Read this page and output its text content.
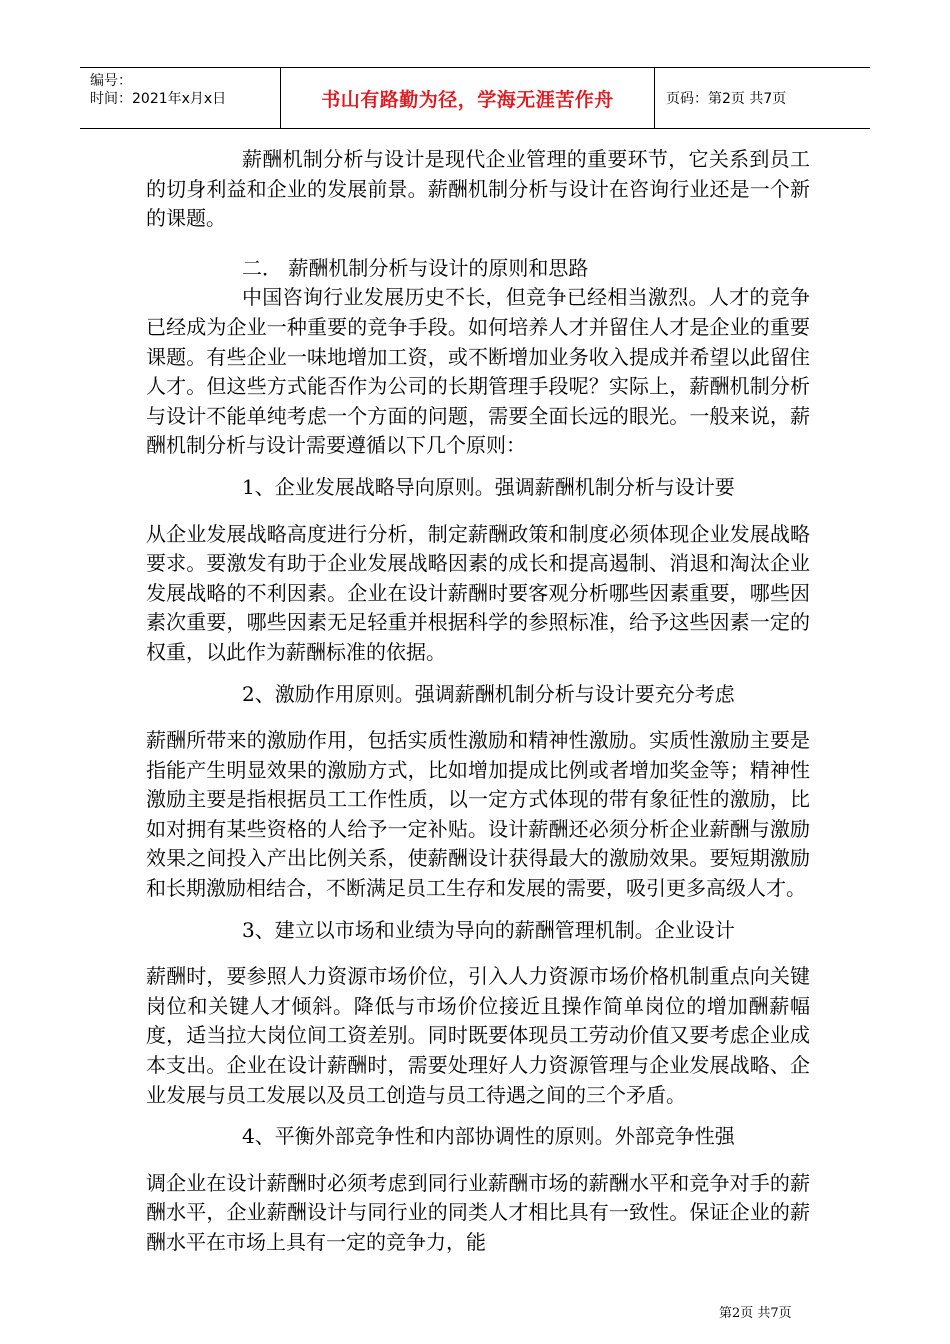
编号：
时间：2021年x月x日	书山有路勤为径，学海无涯苦作舟	页码：第2页 共7页

薪酬机制分析与设计是现代企业管理的重要环节，它关系到员工的切身利益和企业的发展前景。薪酬机制分析与设计在咨询行业还是一个新的课题。

二． 薪酬机制分析与设计的原则和思路

中国咨询行业发展历史不长，但竞争已经相当激烈。人才的竞争已经成为企业一种重要的竞争手段。如何培养人才并留住人才是企业的重要课题。有些企业一味地增加工资，或不断增加业务收入提成并希望以此留住人才。但这些方式能否作为公司的长期管理手段呢？实际上，薪酬机制分析与设计不能单纯考虑一个方面的问题，需要全面长远的眼光。一般来说，薪酬机制分析与设计需要遵循以下几个原则：

1、企业发展战略导向原则。强调薪酬机制分析与设计要

从企业发展战略高度进行分析，制定薪酬政策和制度必须体现企业发展战略要求。要激发有助于企业发展战略因素的成长和提高遏制、消退和淘汰企业发展战略的不利因素。企业在设计薪酬时要客观分析哪些因素重要，哪些因素次重要，哪些因素无足轻重并根据科学的参照标准，给予这些因素一定的权重，以此作为薪酬标准的依据。

2、激励作用原则。强调薪酬机制分析与设计要充分考虑

薪酬所带来的激励作用，包括实质性激励和精神性激励。实质性激励主要是指能产生明显效果的激励方式，比如增加提成比例或者增加奖金等；精神性激励主要是指根据员工工作性质，以一定方式体现的带有象征性的激励，比如对拥有某些资格的人给予一定补贴。设计薪酬还必须分析企业薪酬与激励效果之间投入产出比例关系，使薪酬设计获得最大的激励效果。要短期激励和长期激励相结合，不断满足员工生存和发展的需要，吸引更多高级人才。

3、建立以市场和业绩为导向的薪酬管理机制。企业设计

薪酬时，要参照人力资源市场价位，引入人力资源市场价格机制重点向关键岗位和关键人才倾斜。降低与市场价位接近且操作简单岗位的增加酬薪幅度，适当拉大岗位间工资差别。同时既要体现员工劳动价值又要考虑企业成本支出。企业在设计薪酬时，需要处理好人力资源管理与企业发展战略、企业发展与员工发展以及员工创造与员工待遇之间的三个矛盾。

4、平衡外部竞争性和内部协调性的原则。外部竞争性强

调企业在设计薪酬时必须考虑到同行业薪酬市场的薪酬水平和竞争对手的薪酬水平，企业薪酬设计与同行业的同类人才相比具有一致性。保证企业的薪酬水平在市场上具有一定的竞争力，能

第2页 共7页
